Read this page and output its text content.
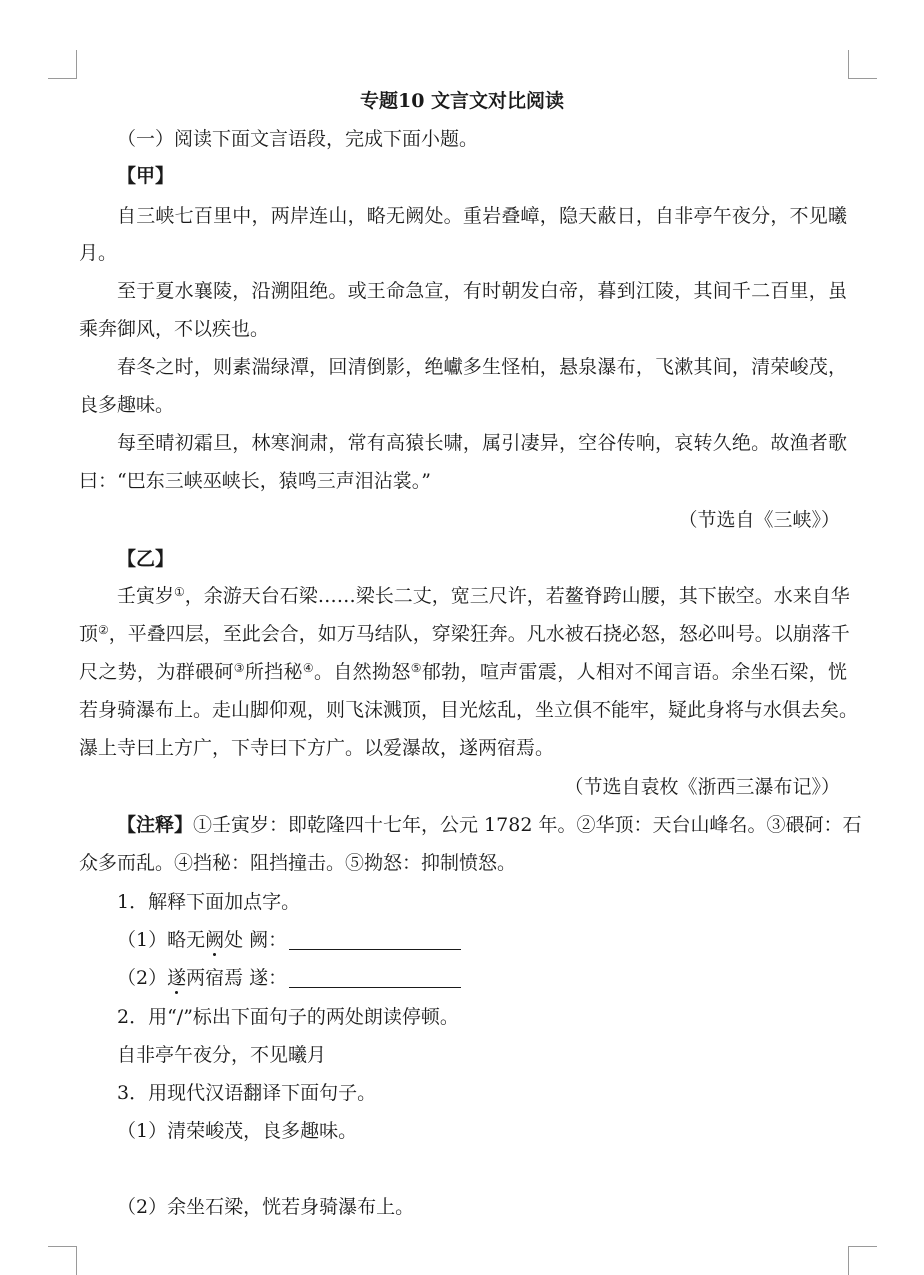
专题10 文言文对比阅读
（一）阅读下面文言语段，完成下面小题。
【甲】
自三峡七百里中，两岸连山，略无阙处。重岩叠嶂，隐天蔽日，自非亭午夜分，不见曦
月。
至于夏水襄陵，沿溯阻绝。或王命急宣，有时朝发白帝，暮到江陵，其间千二百里，虽
乘奔御风，不以疾也。
春冬之时，则素湍绿潭，回清倒影，绝巘多生怪柏，悬泉瀑布，飞漱其间，清荣峻茂，
良多趣味。
每至晴初霜旦，林寒涧肃，常有高猿长啸，属引凄异，空谷传响，哀转久绝。故渔者歌
曰：“巴东三峡巫峡长，猿鸣三声泪沾裳。”
（节选自《三峡》）
【乙】
壬寅岁①，余游天台石梁……梁长二丈，宽三尺许，若鳌脊跨山腰，其下嵌空。水来自华
顶②，平叠四层，至此会合，如万马结队，穿梁狂奔。凡水被石挠必怒，怒必叫号。以崩落千
尺之势，为群碨砢③所挡秘④。自然拗怒⑤郁勃，喧声雷震，人相对不闻言语。余坐石梁，恍
若身骑瀑布上。走山脚仰观，则飞沫溅顶，目光炫乱，坐立俱不能牢，疑此身将与水俱去矣。
瀑上寺曰上方广，下寺曰下方广。以爱瀑故，遂两宿焉。
（节选自袁枚《浙西三瀑布记》）
【注释】①壬寅岁：即乾隆四十七年，公元 1782 年。②华顶：天台山峰名。③碨砢：石
众多而乱。④挡秘：阻挡撞击。⑤拗怒：抑制愤怒。
1．解释下面加点字。
（1）略无阙处 阙：
（2）遂两宿焉 遂：
2．用“/”标出下面句子的两处朗读停顿。
自非亭午夜分，不见曦月
3．用现代汉语翻译下面句子。
（1）清荣峻茂，良多趣味。
（2）余坐石梁，恍若身骑瀑布上。
